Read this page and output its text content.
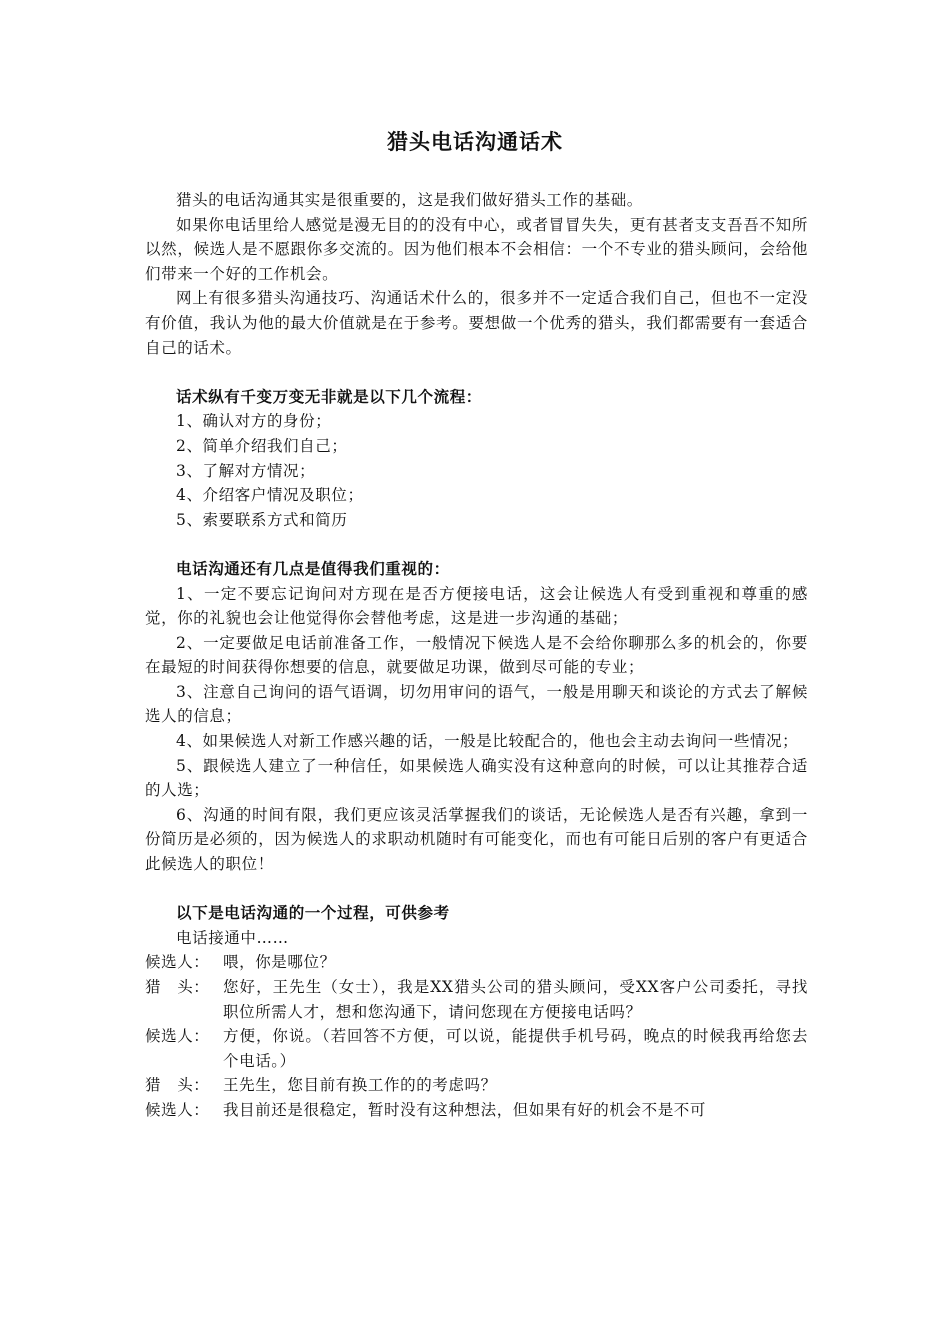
猎头电话沟通话术

猎头的电话沟通其实是很重要的，这是我们做好猎头工作的基础。

如果你电话里给人感觉是漫无目的的没有中心，或者冒冒失失，更有甚者支支吾吾不知所以然，候选人是不愿跟你多交流的。因为他们根本不会相信：一个不专业的猎头顾问，会给他们带来一个好的工作机会。

网上有很多猎头沟通技巧、沟通话术什么的，很多并不一定适合我们自己，但也不一定没有价值，我认为他的最大价值就是在于参考。要想做一个优秀的猎头，我们都需要有一套适合自己的话术。

话术纵有千变万变无非就是以下几个流程：

1、确认对方的身份；

2、简单介绍我们自己；

3、了解对方情况；

4、介绍客户情况及职位；

5、索要联系方式和简历

电话沟通还有几点是值得我们重视的：

1、一定不要忘记询问对方现在是否方便接电话，这会让候选人有受到重视和尊重的感觉，你的礼貌也会让他觉得你会替他考虑，这是进一步沟通的基础；

2、一定要做足电话前准备工作，一般情况下候选人是不会给你聊那么多的机会的，你要在最短的时间获得你想要的信息，就要做足功课，做到尽可能的专业；

3、注意自己询问的语气语调，切勿用审问的语气，一般是用聊天和谈论的方式去了解候选人的信息；

4、如果候选人对新工作感兴趣的话，一般是比较配合的，他也会主动去询问一些情况；

5、跟候选人建立了一种信任，如果候选人确实没有这种意向的时候，可以让其推荐合适的人选；

6、沟通的时间有限，我们更应该灵活掌握我们的谈话，无论候选人是否有兴趣，拿到一份简历是必须的，因为候选人的求职动机随时有可能变化，而也有可能日后别的客户有更适合此候选人的职位！

以下是电话沟通的一个过程，可供参考

电话接通中……

候选人： 喂，你是哪位？
猎　头： 您好，王先生（女士），我是XX猎头公司的猎头顾问，受XX客户公司委托，寻找职位所需人才，想和您沟通下，请问您现在方便接电话吗？
候选人： 方便，你说。（若回答不方便，可以说，能提供手机号码，晚点的时候我再给您去个电话。）
猎　头： 王先生，您目前有换工作的的考虑吗？
候选人： 我目前还是很稳定，暂时没有这种想法，但如果有好的机会不是不可
